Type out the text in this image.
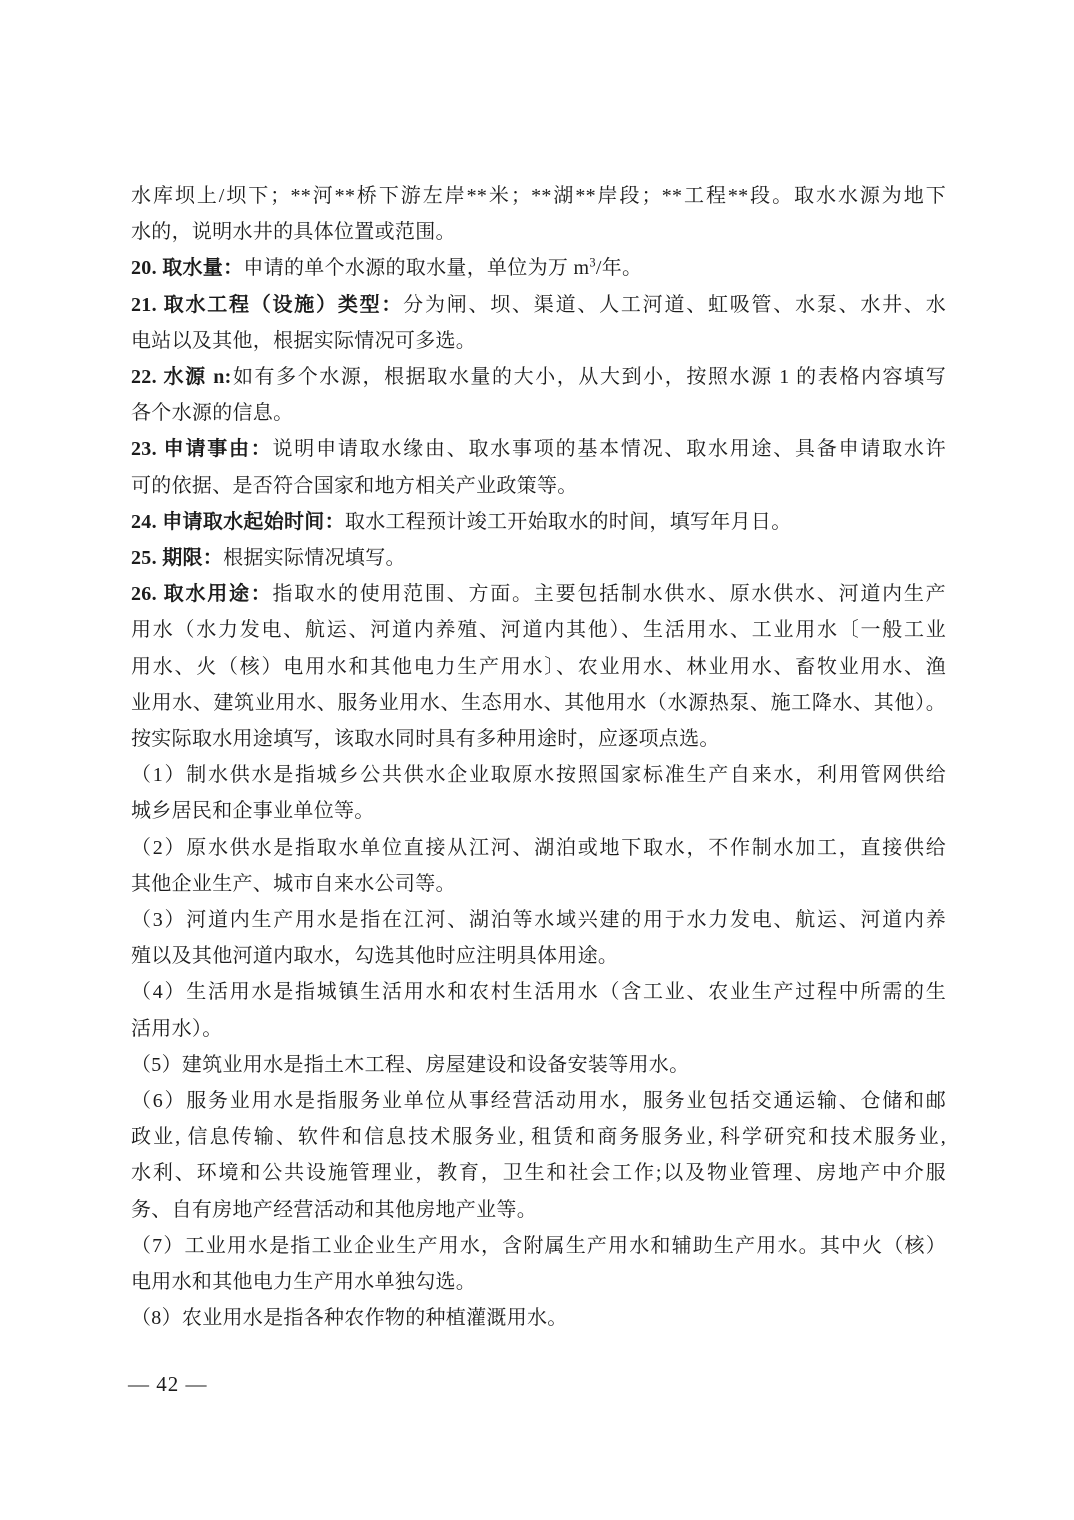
水库坝上/坝下；**河**桥下游左岸**米；**湖**岸段；**工程**段。取水水源为地下
水的，说明水井的具体位置或范围。
20. 取水量：申请的单个水源的取水量，单位为万 $m^3/$年。
21. 取水工程（设施）类型：分为闸、坝、渠道、人工河道、虹吸管、水泵、水井、水
电站以及其他，根据实际情况可多选。
22. 水源 n:如有多个水源，根据取水量的大小，从大到小，按照水源 1 的表格内容填写
各个水源的信息。
23. 申请事由：说明申请取水缘由、取水事项的基本情况、取水用途、具备申请取水许
可的依据、是否符合国家和地方相关产业政策等。
24. 申请取水起始时间：取水工程预计竣工开始取水的时间，填写年月日。
25. 期限：根据实际情况填写。
26. 取水用途：指取水的使用范围、方面。主要包括制水供水、原水供水、河道内生产
用水（水力发电、航运、河道内养殖、河道内其他）、生活用水、工业用水〔一般工业
用水、火（核）电用水和其他电力生产用水〕、农业用水、林业用水、畜牧业用水、渔
业用水、建筑业用水、服务业用水、生态用水、其他用水（水源热泵、施工降水、其他）。
按实际取水用途填写，该取水同时具有多种用途时，应逐项点选。
（1）制水供水是指城乡公共供水企业取原水按照国家标准生产自来水，利用管网供给
城乡居民和企事业单位等。
（2）原水供水是指取水单位直接从江河、湖泊或地下取水，不作制水加工，直接供给
其他企业生产、城市自来水公司等。
（3）河道内生产用水是指在江河、湖泊等水域兴建的用于水力发电、航运、河道内养
殖以及其他河道内取水，勾选其他时应注明具体用途。
（4）生活用水是指城镇生活用水和农村生活用水（含工业、农业生产过程中所需的生
活用水）。
（5）建筑业用水是指土木工程、房屋建设和设备安装等用水。
（6）服务业用水是指服务业单位从事经营活动用水，服务业包括交通运输、仓储和邮
政业, 信息传输、软件和信息技术服务业, 租赁和商务服务业, 科学研究和技术服务业,
水利、环境和公共设施管理业，教育，卫生和社会工作;以及物业管理、房地产中介服
务、自有房地产经营活动和其他房地产业等。
（7）工业用水是指工业企业生产用水，含附属生产用水和辅助生产用水。其中火（核）
电用水和其他电力生产用水单独勾选。
（8）农业用水是指各种农作物的种植灌溉用水。
— 42 —
